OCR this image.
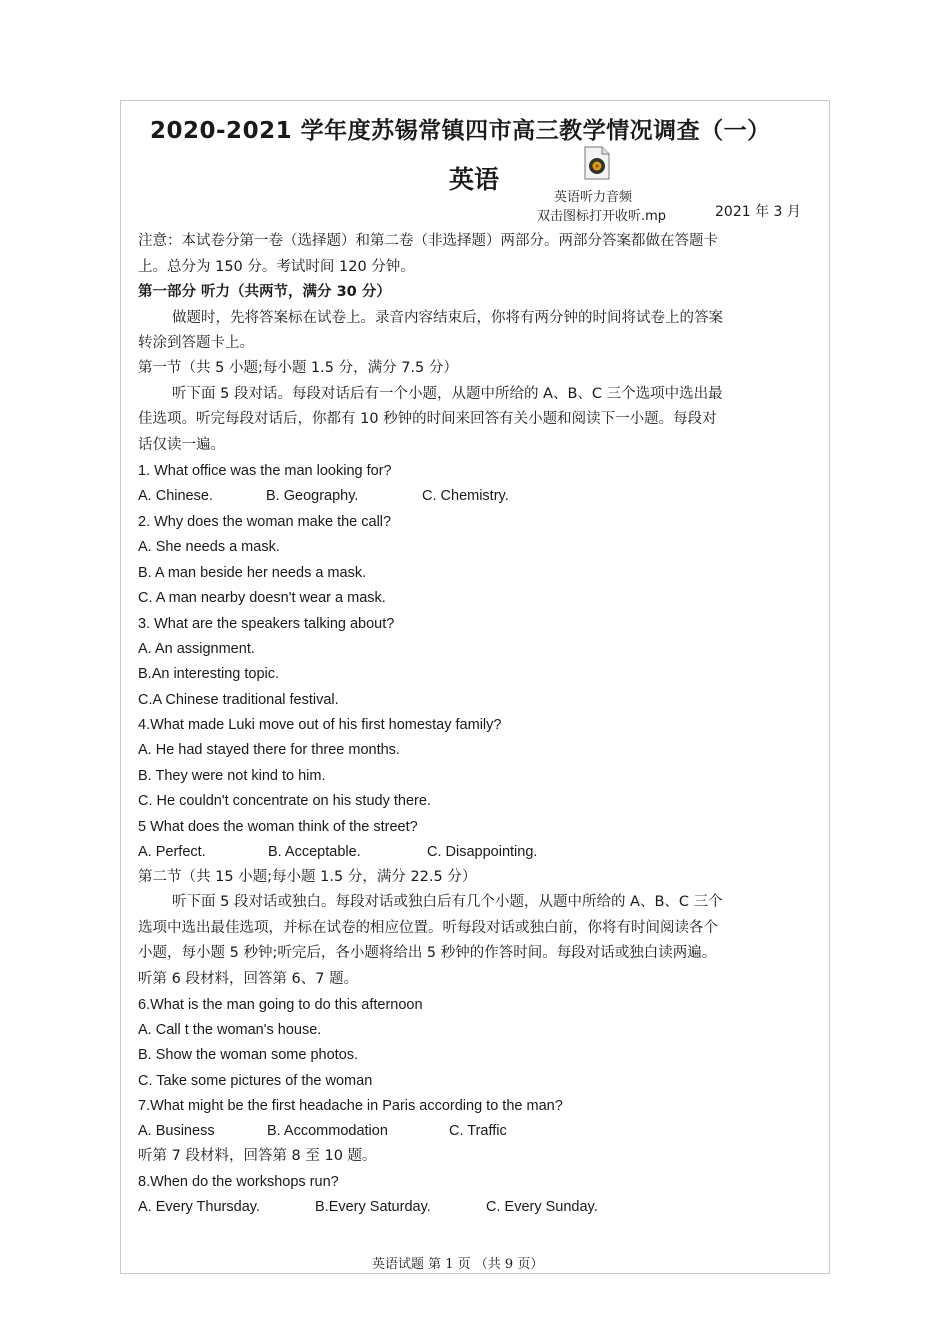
2020-2021 学年度苏锡常镇四市高三教学情况调查（一）
英语
英语听力音频
双击图标打开收听.mp	2021 年 3 月
注意：本试卷分第一卷（选择题）和第二卷（非选择题）两部分。两部分答案都做在答题卡
上。总分为 150 分。考试时间 120 分钟。
第一部分 听力（共两节，满分 30 分）
做题时，先将答案标在试卷上。录音内容结束后，你将有两分钟的时间将试卷上的答案
转涂到答题卡上。
第一节（共 5 小题;每小题 1.5 分，满分 7.5 分）
听下面 5 段对话。每段对话后有一个小题，从题中所给的 A、B、C 三个选项中选出最
佳选项。听完每段对话后，你都有 10 秒钟的时间来回答有关小题和阅读下一小题。每段对
话仅读一遍。
1. What office was the man looking for?
A. Chinese.	B. Geography.	C. Chemistry.
2. Why does the woman make the call?
A. She needs a mask.
B. A man beside her needs a mask.
C. A man nearby doesn't wear a mask.
3. What are the speakers talking about?
A. An assignment.
B.An interesting topic.
C.A Chinese traditional festival.
4.What made Luki move out of his first homestay family?
A. He had stayed there for three months.
B. They were not kind to him.
C. He couldn't concentrate on his study there.
5 What does the woman think of the street?
A. Perfect.	B. Acceptable.	C. Disappointing.
第二节（共 15 小题;每小题 1.5 分，满分 22.5 分）
听下面 5 段对话或独白。每段对话或独白后有几个小题，从题中所给的 A、B、C 三个
选项中选出最佳选项，并标在试卷的相应位置。听每段对话或独白前，你将有时间阅读各个
小题，每小题 5 秒钟;听完后，各小题将给出 5 秒钟的作答时间。每段对话或独白读两遍。
听第 6 段材料，回答第 6、7 题。
6.What is the man going to do this afternoon
A. Call t the woman's house.
B. Show the woman some photos.
C. Take some pictures of the woman
7.What might be the first headache in Paris according to the man?
A. Business	B. Accommodation	C. Traffic
听第 7 段材料，回答第 8 至 10 题。
8.When do the workshops run?
A. Every Thursday.	B.Every Saturday.	C. Every Sunday.
英语试题 第 1 页 （共 9 页）
